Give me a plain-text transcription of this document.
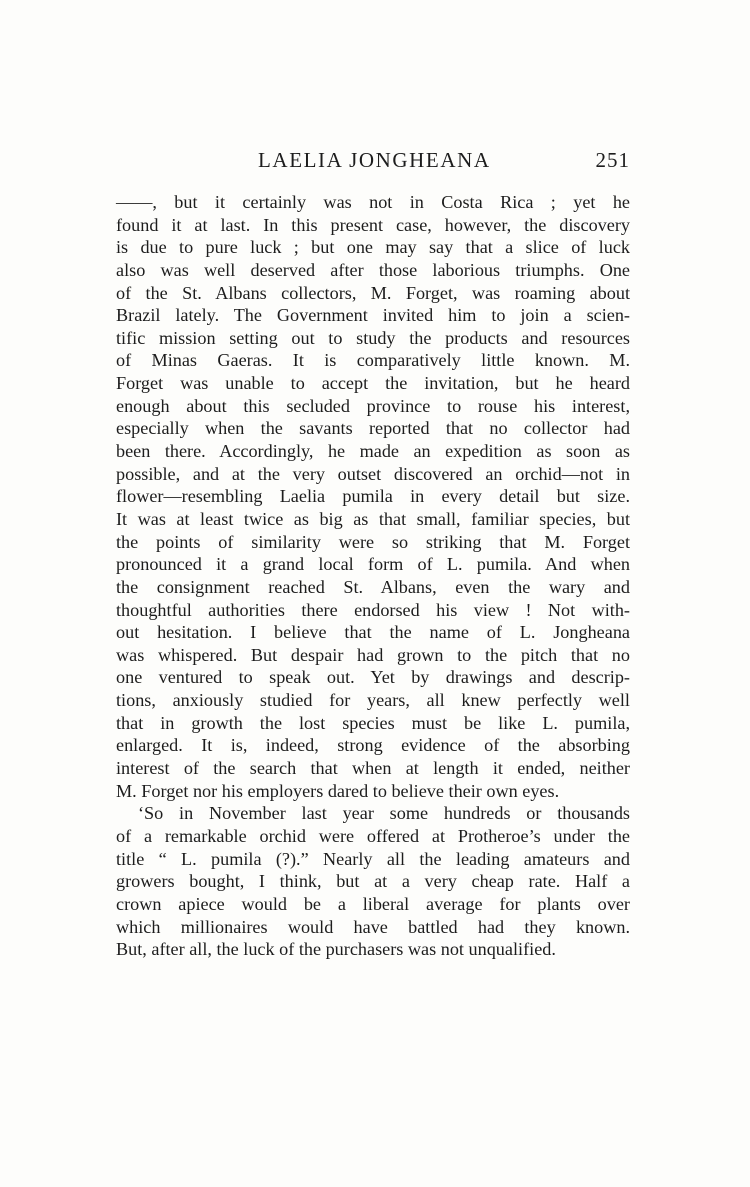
LAELIA JONGHEANA	251
——, but it certainly was not in Costa Rica ; yet he
found it at last. In this present case, however, the discovery
is due to pure luck ; but one may say that a slice of luck
also was well deserved after those laborious triumphs. One
of the St. Albans collectors, M. Forget, was roaming about
Brazil lately. The Government invited him to join a scien-
tific mission setting out to study the products and resources
of Minas Gaeras. It is comparatively little known. M.
Forget was unable to accept the invitation, but he heard
enough about this secluded province to rouse his interest,
especially when the savants reported that no collector had
been there. Accordingly, he made an expedition as soon as
possible, and at the very outset discovered an orchid—not in
flower—resembling Laelia pumila in every detail but size.
It was at least twice as big as that small, familiar species, but
the points of similarity were so striking that M. Forget
pronounced it a grand local form of L. pumila. And when
the consignment reached St. Albans, even the wary and
thoughtful authorities there endorsed his view ! Not with-
out hesitation. I believe that the name of L. Jongheana
was whispered. But despair had grown to the pitch that no
one ventured to speak out. Yet by drawings and descrip-
tions, anxiously studied for years, all knew perfectly well
that in growth the lost species must be like L. pumila,
enlarged. It is, indeed, strong evidence of the absorbing
interest of the search that when at length it ended, neither
M. Forget nor his employers dared to believe their own eyes.
‘So in November last year some hundreds or thousands
of a remarkable orchid were offered at Protheroe’s under the
title “ L. pumila (?).” Nearly all the leading amateurs and
growers bought, I think, but at a very cheap rate. Half a
crown apiece would be a liberal average for plants over
which millionaires would have battled had they known.
But, after all, the luck of the purchasers was not unqualified.
